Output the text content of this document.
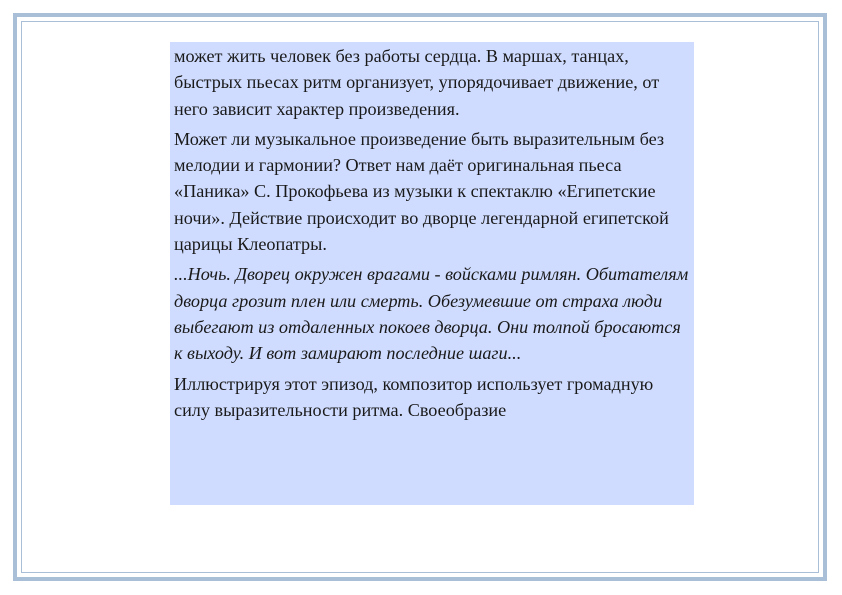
может жить человек без работы сердца. В маршах, танцах, быстрых пьесах ритм организует, упорядочивает движение, от него зависит характер произведения.

Может ли музыкальное произведение быть выразительным без мелодии и гармонии? Ответ нам даёт оригинальная пьеса «Паника» С. Прокофьева из музыки к спектаклю «Египетские ночи». Действие происходит во дворце легендарной египетской царицы Клеопатры.

...Ночь. Дворец окружен врагами - войсками римлян. Обитателям дворца грозит плен или смерть. Обезумевшие от страха люди выбегают из отдаленных покоев дворца. Они толпой бросаются к выходу. И вот замирают последние шаги...

Иллюстрируя этот эпизод, композитор использует громадную силу выразительности ритма. Своеобразие
